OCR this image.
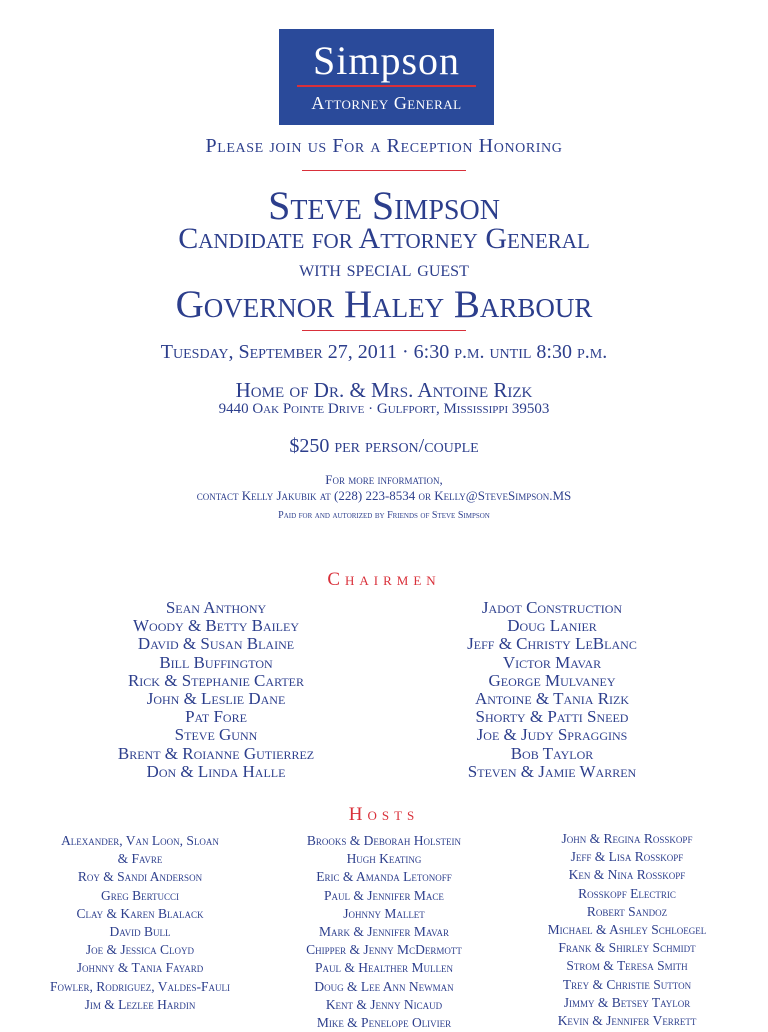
Simpson
Attorney General
Please join us For a Reception Honoring
Steve Simpson
Candidate for Attorney General
with special guest
Governor Haley Barbour
Tuesday, September 27, 2011 · 6:30 p.m. until 8:30 p.m.
Home of Dr. & Mrs. Antoine Rizk
9440 Oak Pointe Drive · Gulfport, Mississippi 39503
$250 per person/couple
For more information,
contact Kelly Jakubik at (228) 223-8534 or Kelly@SteveSimpson.MS
Paid for and autorized by Friends of Steve Simpson
Chairmen
Sean Anthony
Woody & Betty Bailey
David & Susan Blaine
Bill Buffington
Rick & Stephanie Carter
John & Leslie Dane
Pat Fore
Steve Gunn
Brent & Roianne Gutierrez
Don & Linda Halle
Jadot Construction
Doug Lanier
Jeff & Christy LeBlanc
Victor Mavar
George Mulvaney
Antoine & Tania Rizk
Shorty & Patti Sneed
Joe & Judy Spraggins
Bob Taylor
Steven & Jamie Warren
Hosts
Alexander, Van Loon, Sloan
& Favre
Roy & Sandi Anderson
Greg Bertucci
Clay & Karen Blalack
David Bull
Joe & Jessica Cloyd
Johnny & Tania Fayard
Fowler, Rodriguez, Valdes-Fauli
Jim & Lezlee Hardin
Brooks & Deborah Holstein
Hugh Keating
Eric & Amanda Letonoff
Paul & Jennifer Mace
Johnny Mallet
Mark & Jennifer Mavar
Chipper & Jenny McDermott
Paul & Healther Mullen
Doug & Lee Ann Newman
Kent & Jenny Nicaud
Mike & Penelope Olivier
John & Regina Rosskopf
Jeff & Lisa Rosskopf
Ken & Nina Rosskopf
Rosskopf Electric
Robert Sandoz
Michael & Ashley Schloegel
Frank & Shirley Schmidt
Strom & Teresa Smith
Trey & Christie Sutton
Jimmy & Betsey Taylor
Kevin & Jennifer Verrett
